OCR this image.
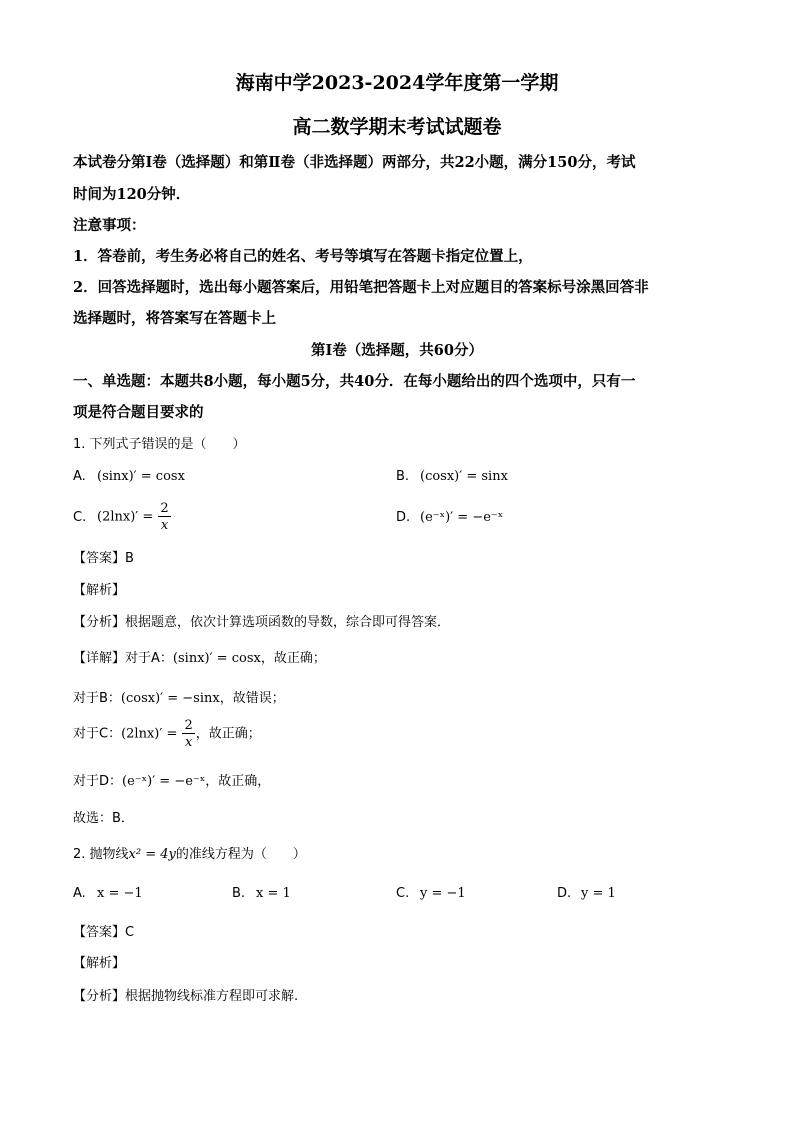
海南中学2023-2024学年度第一学期
高二数学期末考试试题卷
本试卷分第Ⅰ卷（选择题）和第Ⅱ卷（非选择题）两部分，共22小题，满分150分，考试
时间为120分钟．
注意事项：
1．答卷前，考生务必将自己的姓名、考号等填写在答题卡指定位置上，
2．回答选择题时，选出每小题答案后，用铅笔把答题卡上对应题目的答案标号涂黑回答非
选择题时，将答案写在答题卡上
第Ⅰ卷（选择题，共60分）
一、单选题：本题共8小题，每小题5分，共40分．在每小题给出的四个选项中，只有一
项是符合题目要求的
1. 下列式子错误的是（　　）
A. (sinx)′ = cosx	B. (cosx)′ = sinx
C. $(2\ln x)' = \frac{2}{x}$	D. (e⁻ˣ)′ = −e⁻ˣ
【答案】B
【解析】
【分析】根据题意，依次计算选项函数的导数，综合即可得答案．
【详解】对于A：(sinx)′ = cosx，故正确；
对于B：(cosx)′ = −sinx，故错误；
对于C：$(2\ln x)' = \frac{2}{x}$ ，故正确；
对于D：(e⁻ˣ)′ = −e⁻ˣ，故正确，
故选：B．
2. 抛物线x² = 4y的准线方程为（　　）
A. x = −1	B. x = 1	C. y = −1	D. y = 1
【答案】C
【解析】
【分析】根据抛物线标准方程即可求解.
